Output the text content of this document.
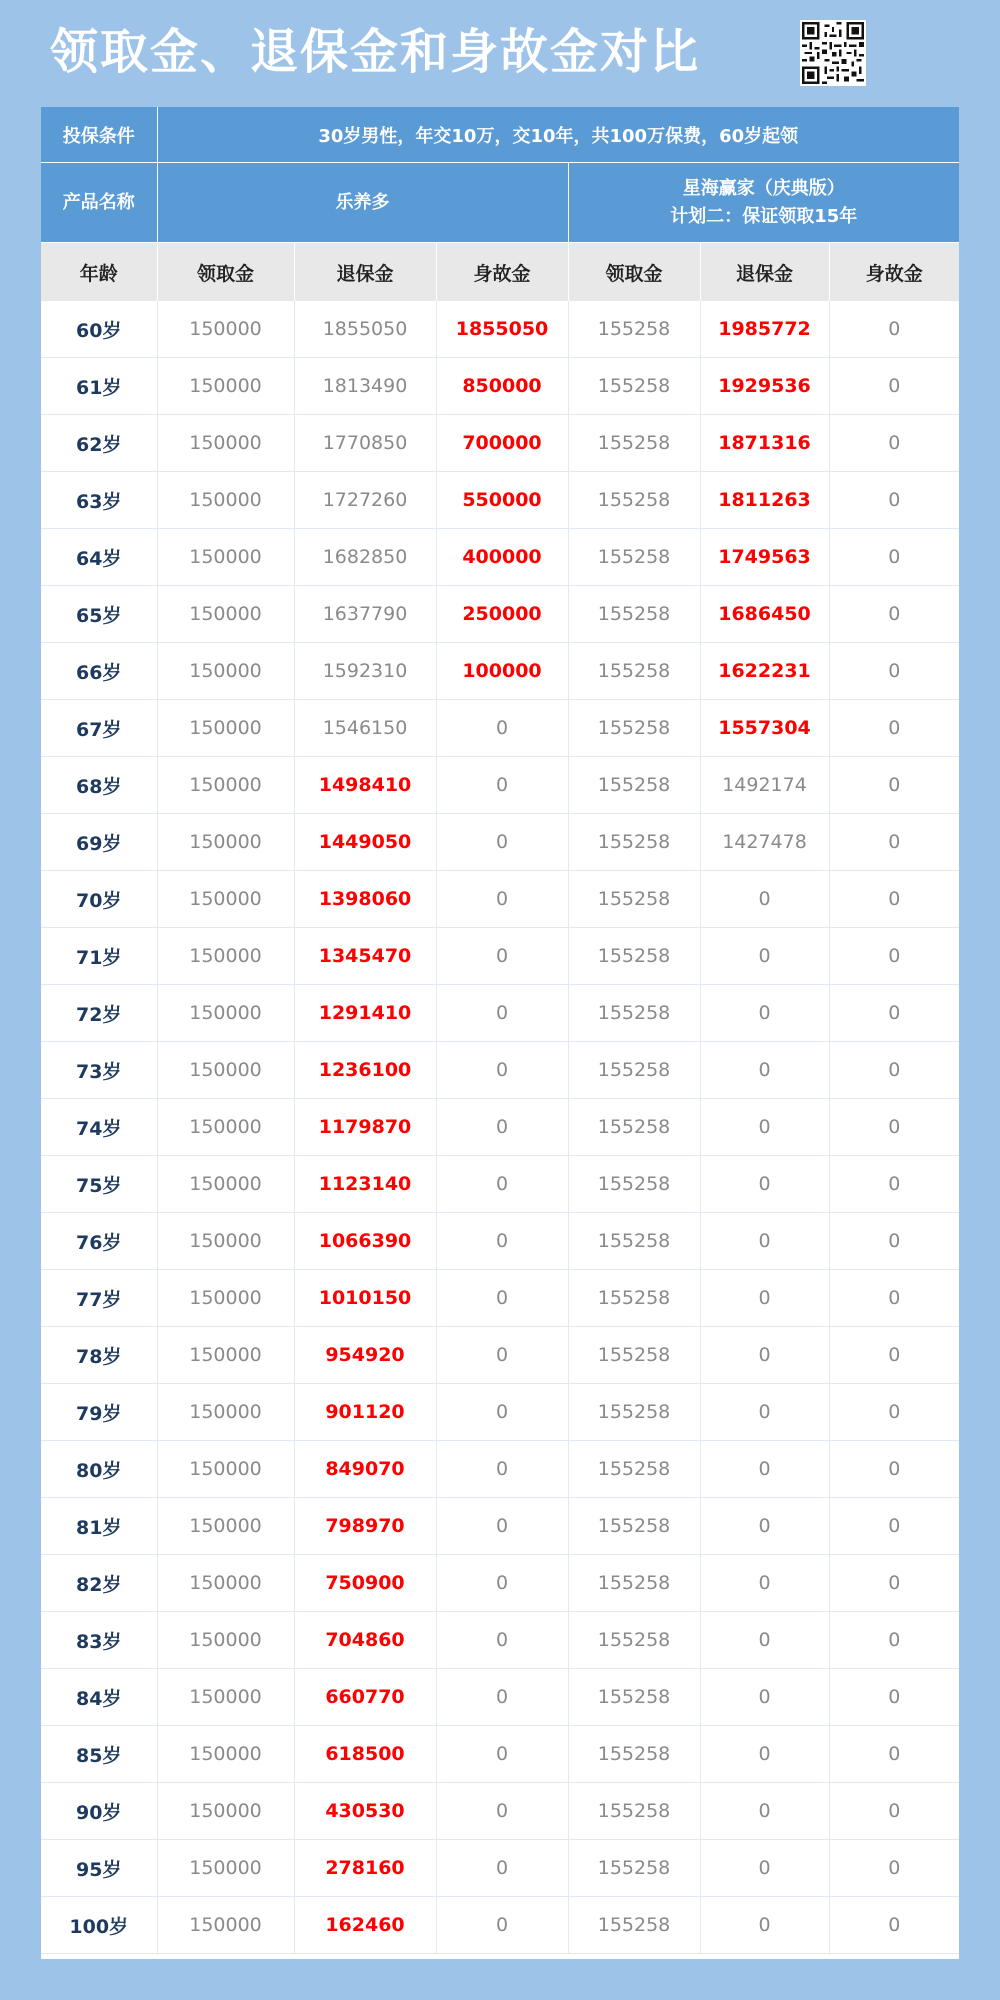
领取金、退保金和身故金对比
投保条件	30岁男性，年交10万，交10年，共100万保费，60岁起领					
产品名称	乐养多			星海赢家（庆典版）
计划二：保证领取15年		

年龄	领取金	退保金	身故金	领取金	退保金	身故金
60岁	150000	1855050	1855050	155258	1985772	0
61岁	150000	1813490	850000	155258	1929536	0
62岁	150000	1770850	700000	155258	1871316	0
63岁	150000	1727260	550000	155258	1811263	0
64岁	150000	1682850	400000	155258	1749563	0
65岁	150000	1637790	250000	155258	1686450	0
66岁	150000	1592310	100000	155258	1622231	0
67岁	150000	1546150	0	155258	1557304	0
68岁	150000	1498410	0	155258	1492174	0
69岁	150000	1449050	0	155258	1427478	0
70岁	150000	1398060	0	155258	0	0
71岁	150000	1345470	0	155258	0	0
72岁	150000	1291410	0	155258	0	0
73岁	150000	1236100	0	155258	0	0
74岁	150000	1179870	0	155258	0	0
75岁	150000	1123140	0	155258	0	0
76岁	150000	1066390	0	155258	0	0
77岁	150000	1010150	0	155258	0	0
78岁	150000	954920	0	155258	0	0
79岁	150000	901120	0	155258	0	0
80岁	150000	849070	0	155258	0	0
81岁	150000	798970	0	155258	0	0
82岁	150000	750900	0	155258	0	0
83岁	150000	704860	0	155258	0	0
84岁	150000	660770	0	155258	0	0
85岁	150000	618500	0	155258	0	0
90岁	150000	430530	0	155258	0	0
95岁	150000	278160	0	155258	0	0
100岁	150000	162460	0	155258	0	0
